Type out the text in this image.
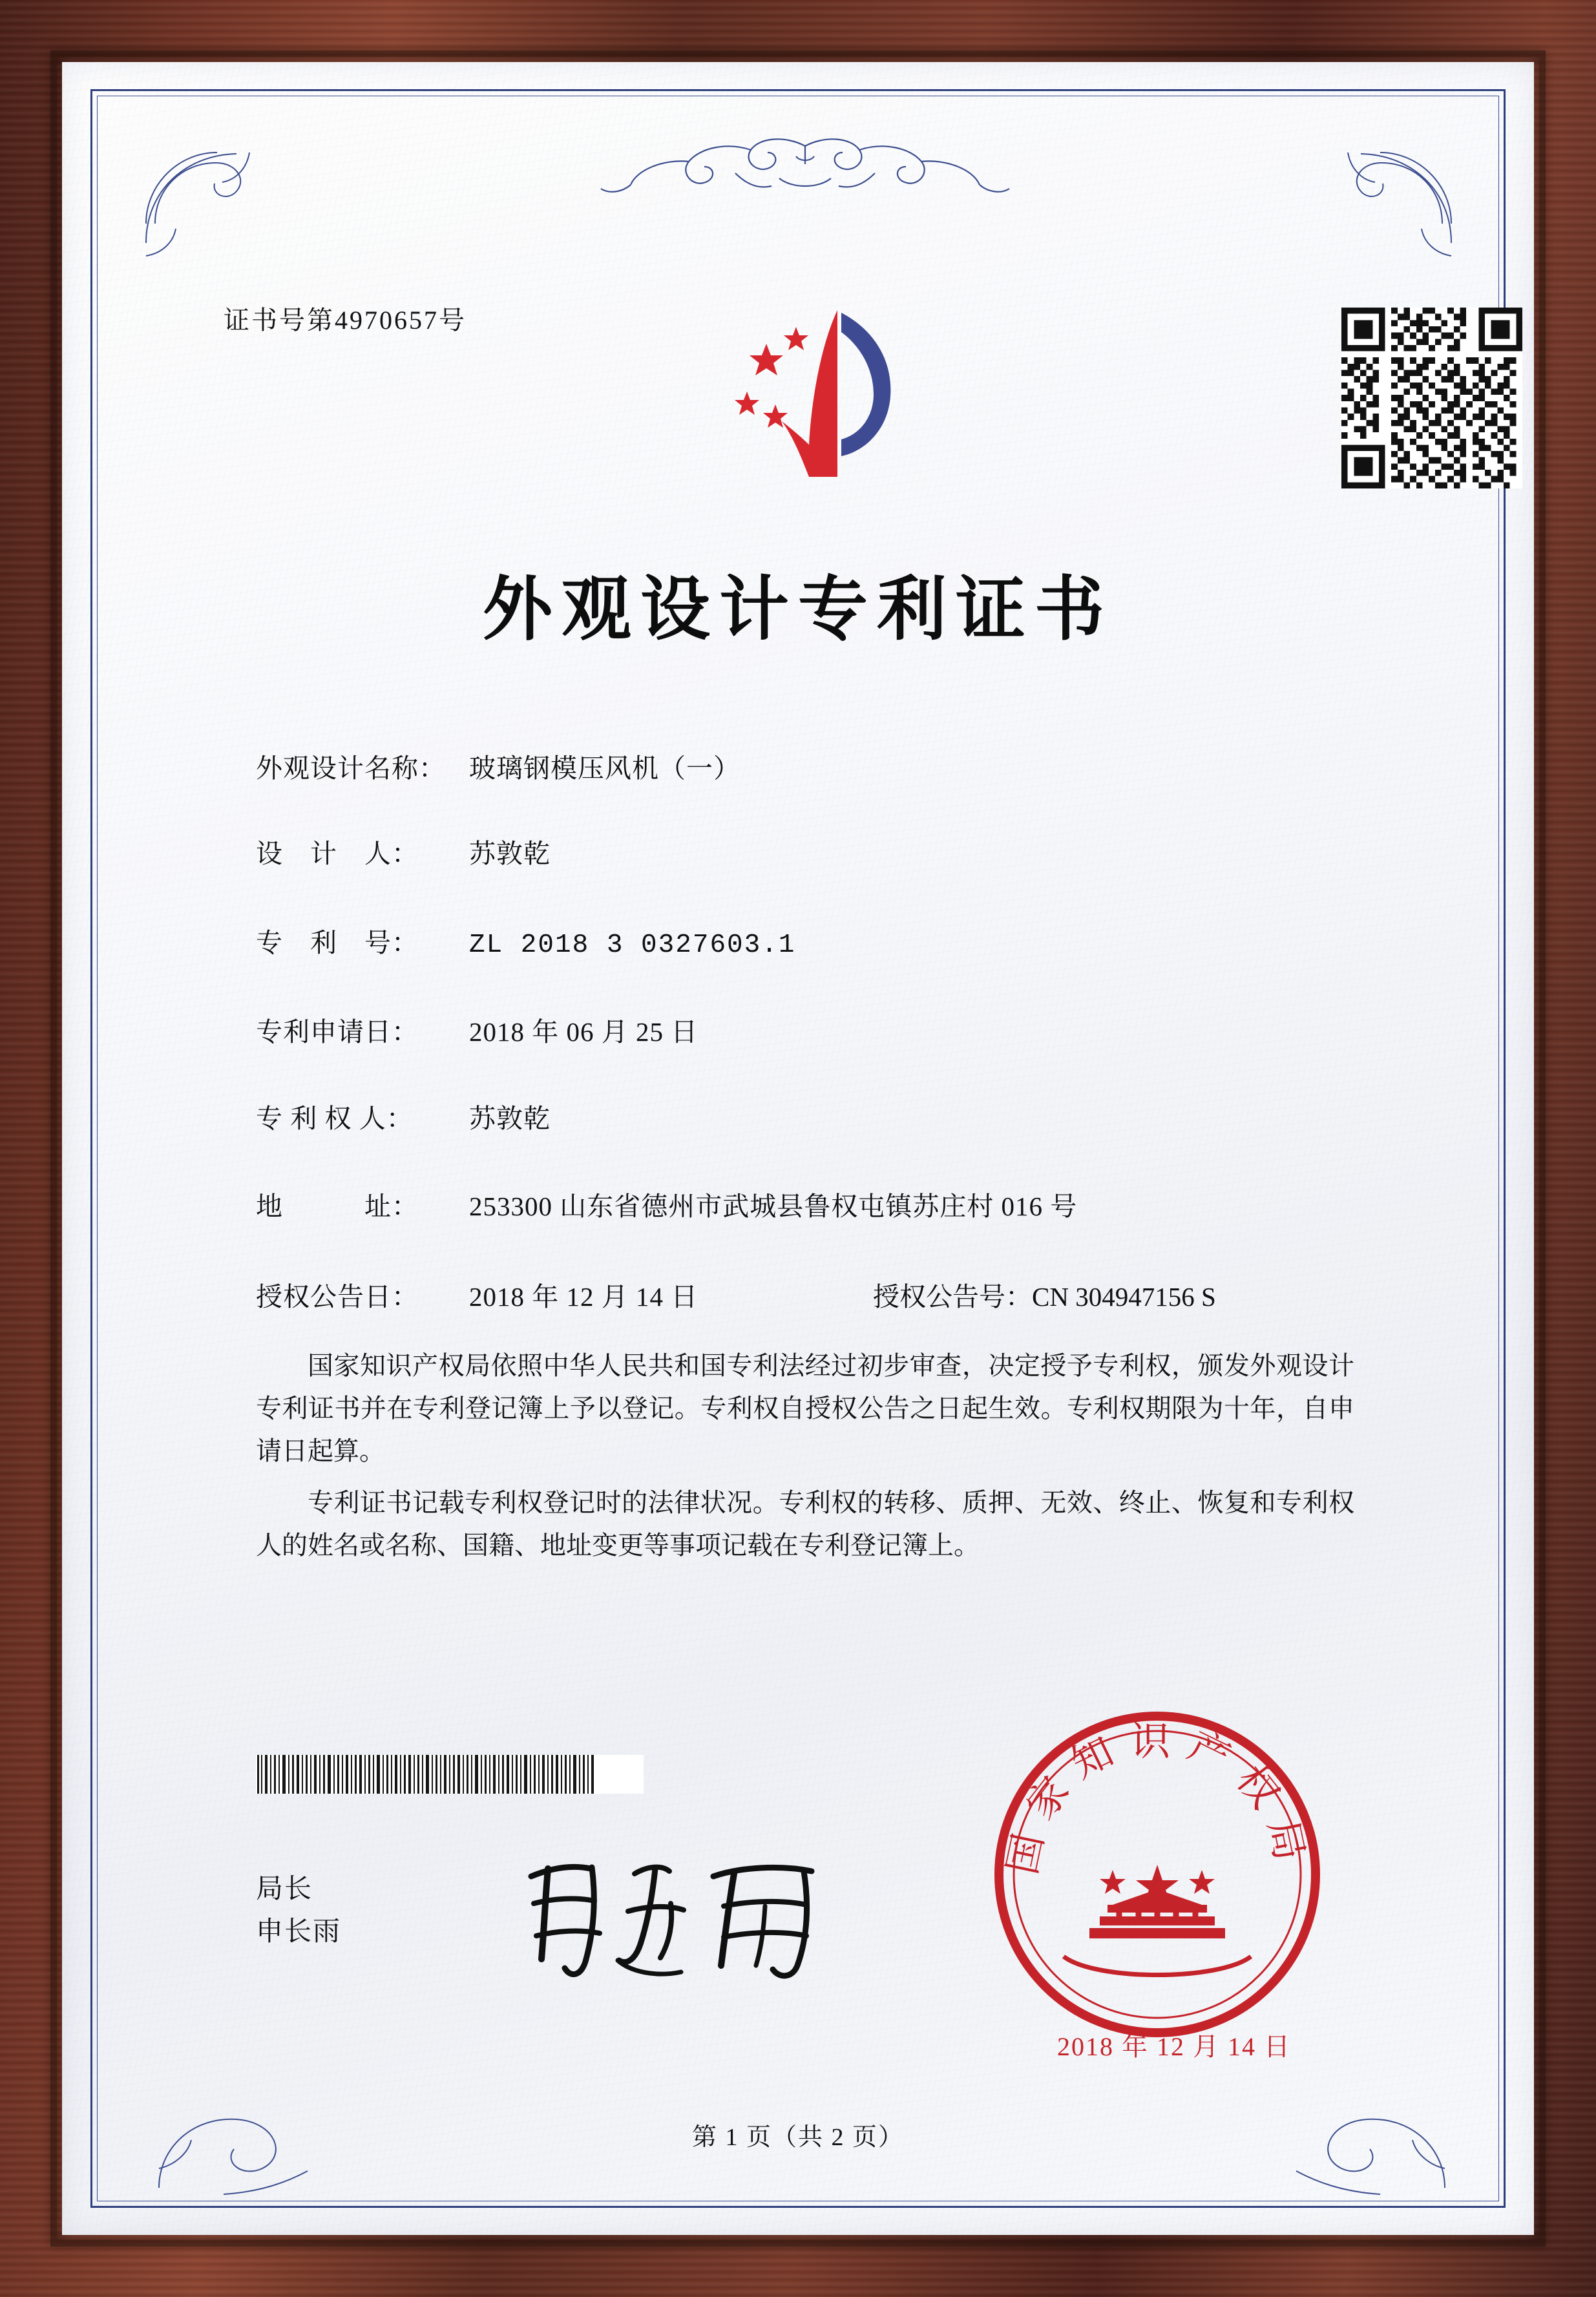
证书号第4970657号
外观设计专利证书
外观设计名称： 玻璃钢模压风机（一）
设　计　人： 苏敦乾
专　利　号： ZL 2018 3 0327603.1
专利申请日： 2018 年 06 月 25 日
专 利 权 人： 苏敦乾
地　　　址： 253300 山东省德州市武城县鲁权屯镇苏庄村 016 号
授权公告日： 2018 年 12 月 14 日	授权公告号：CN 304947156 S
国家知识产权局依照中华人民共和国专利法经过初步审查，决定授予专利权，颁发外观设计专利证书并在专利登记簿上予以登记。专利权自授权公告之日起生效。专利权期限为十年，自申请日起算。
专利证书记载专利权登记时的法律状况。专利权的转移、质押、无效、终止、恢复和专利权人的姓名或名称、国籍、地址变更等事项记载在专利登记簿上。
局长
申长雨
国家知识产权局
2018 年 12 月 14 日
第 1 页（共 2 页）
